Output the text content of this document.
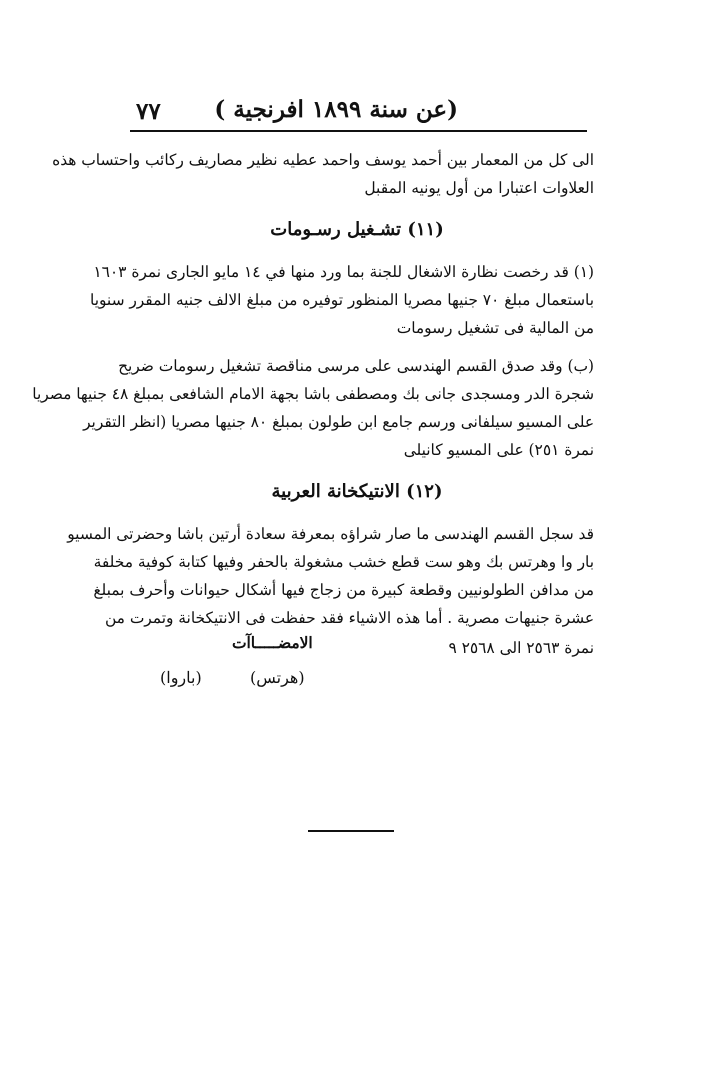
(عن سنة ١٨٩٩ افرنجية )
٧٧
الى كل من المعمار بين أحمد يوسف واحمد عطيه نظير مصاريف ركائب واحتساب هذه
العلاوات اعتبارا من أول يونيه المقبل
(١١) تشـغيل رسـومات
(١) قد رخصت نظارة الاشغال للجنة بما ورد منها في ١٤ مايو الجارى نمرة ١٦٠٣
باستعمال مبلغ ٧٠ جنيها مصريا المنظور توفيره من مبلغ الالف جنيه المقرر سنويا
من المالية فى تشغيل رسومات
(ب) وقد صدق القسم الهندسى على مرسى مناقصة تشغيل رسومات ضريح
شجرة الدر ومسجدى جانى بك ومصطفى باشا بجهة الامام الشافعى بمبلغ ٤٨ جنيها مصريا
على المسيو سيلفانى ورسم جامع ابن طولون بمبلغ ٨٠ جنيها مصريا (انظر التقرير
نمرة ٢٥١) على المسيو كانيلى
(١٢) الانتيكخانة العربية
قد سجل القسم الهندسى ما صار شراؤه بمعرفة سعادة أرتين باشا وحضرتى المسيو
بار وا وهرتس بك وهو ست قطع خشب مشغولة بالحفر وفيها كتابة كوفية مخلفة
من مدافن الطولونيين وقطعة كبيرة من زجاج فيها أشكال حيوانات وأحرف بمبلغ
عشرة جنيهات مصرية . أما هذه الاشياء فقد حفظت فى الانتيكخانة وتمرت من
نمرة ٢٥٦٣ الى ٢٥٦٨ ٩
الامضـــــاآت
(هرتس)
(باروا)
